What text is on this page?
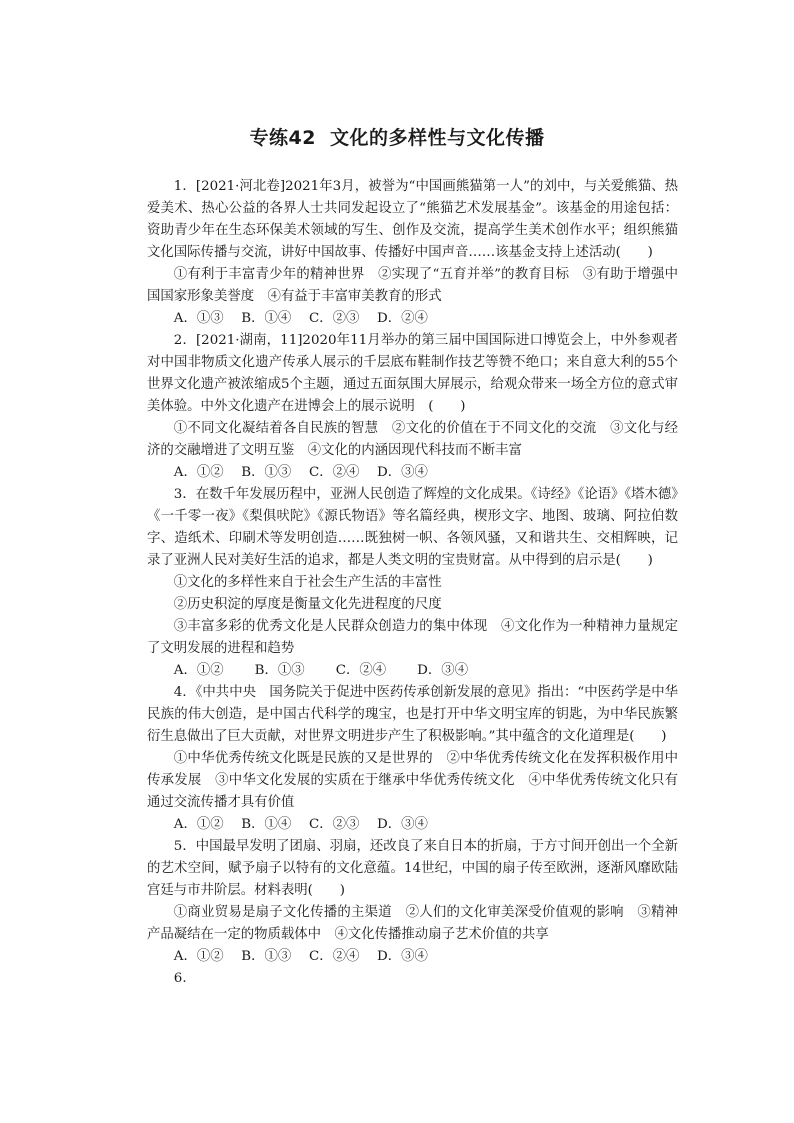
专练42 文化的多样性与文化传播

1．[2021·河北卷]2021年3月，被誉为“中国画熊猫第一人”的刘中，与关爱熊猫、热爱美术、热心公益的各界人士共同发起设立了“熊猫艺术发展基金”。该基金的用途包括：资助青少年在生态环保美术领域的写生、创作及交流，提高学生美术创作水平；组织熊猫文化国际传播与交流，讲好中国故事、传播好中国声音……该基金支持上述活动(　　)

①有利于丰富青少年的精神世界　②实现了“五育并举”的教育目标　③有助于增强中国国家形象美誉度　④有益于丰富审美教育的形式

A．①③　 B．①④　 C．②③　 D．②④

2．[2021·湖南，11]2020年11月举办的第三届中国国际进口博览会上，中外参观者对中国非物质文化遗产传承人展示的千层底布鞋制作技艺等赞不绝口；来自意大利的55个世界文化遗产被浓缩成5个主题，通过五面氛围大屏展示，给观众带来一场全方位的意式审美体验。中外文化遗产在进博会上的展示说明　(　　)

①不同文化凝结着各自民族的智慧　②文化的价值在于不同文化的交流　③文化与经济的交融增进了文明互鉴　④文化的内涵因现代科技而不断丰富

A．①②　 B．①③　 C．②④　 D．③④

3．在数千年发展历程中，亚洲人民创造了辉煌的文化成果。《诗经》《论语》《塔木德》《一千零一夜》《梨俱吠陀》《源氏物语》等名篇经典，楔形文字、地图、玻璃、阿拉伯数字、造纸术、印刷术等发明创造……既独树一帜、各领风骚，又和谐共生、交相辉映，记录了亚洲人民对美好生活的追求，都是人类文明的宝贵财富。从中得到的启示是(　　)

①文化的多样性来自于社会生产生活的丰富性

②历史积淀的厚度是衡量文化先进程度的尺度

③丰富多彩的优秀文化是人民群众创造力的集中体现　④文化作为一种精神力量规定了文明发展的进程和趋势

A．①②　　 B．①③　　 C．②④　　 D．③④

4．《中共中央　国务院关于促进中医药传承创新发展的意见》指出：“中医药学是中华民族的伟大创造，是中国古代科学的瑰宝，也是打开中华文明宝库的钥匙，为中华民族繁衍生息做出了巨大贡献，对世界文明进步产生了积极影响。”其中蕴含的文化道理是(　　)

①中华优秀传统文化既是民族的又是世界的　②中华优秀传统文化在发挥积极作用中传承发展　③中华文化发展的实质在于继承中华优秀传统文化　④中华优秀传统文化只有通过交流传播才具有价值

A．①②　 B．①④　 C．②③　 D．③④

5．中国最早发明了团扇、羽扇，还改良了来自日本的折扇，于方寸间开创出一个全新的艺术空间，赋予扇子以特有的文化意蕴。14世纪，中国的扇子传至欧洲，逐渐风靡欧陆宫廷与市井阶层。材料表明(　　)

①商业贸易是扇子文化传播的主渠道　②人们的文化审美深受价值观的影响　③精神产品凝结在一定的物质载体中　④文化传播推动扇子艺术价值的共享

A．①②　 B．①③　 C．②④　 D．③④

6.
